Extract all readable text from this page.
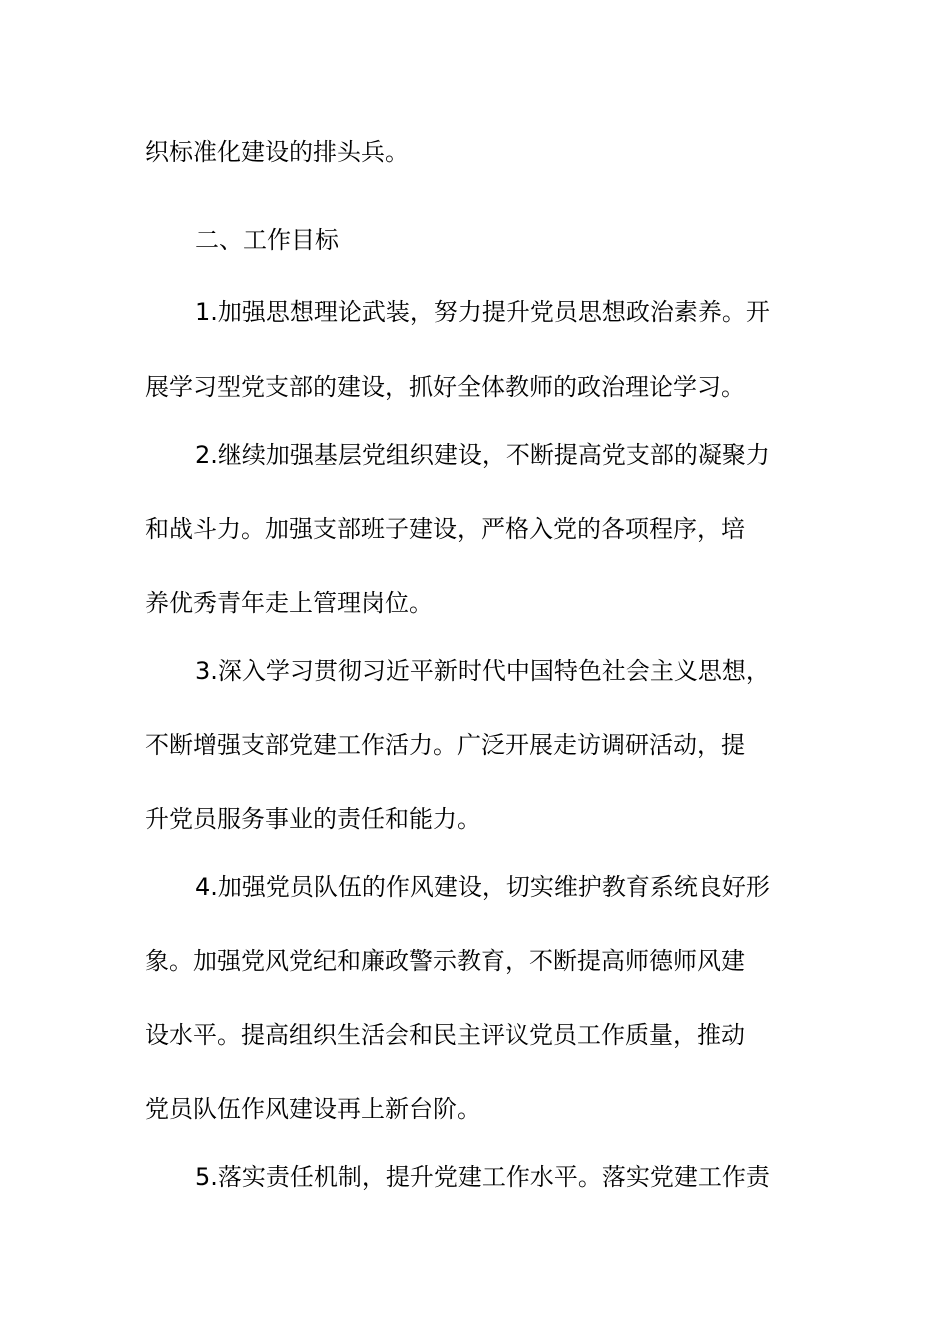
织标准化建设的排头兵。
二、工作目标
1.加强思想理论武装，努力提升党员思想政治素养。开
展学习型党支部的建设，抓好全体教师的政治理论学习。
2.继续加强基层党组织建设，不断提高党支部的凝聚力
和战斗力。加强支部班子建设，严格入党的各项程序，培
养优秀青年走上管理岗位。
3.深入学习贯彻习近平新时代中国特色社会主义思想，
不断增强支部党建工作活力。广泛开展走访调研活动，提
升党员服务事业的责任和能力。
4.加强党员队伍的作风建设，切实维护教育系统良好形
象。加强党风党纪和廉政警示教育，不断提高师德师风建
设水平。提高组织生活会和民主评议党员工作质量，推动
党员队伍作风建设再上新台阶。
5.落实责任机制，提升党建工作水平。落实党建工作责
